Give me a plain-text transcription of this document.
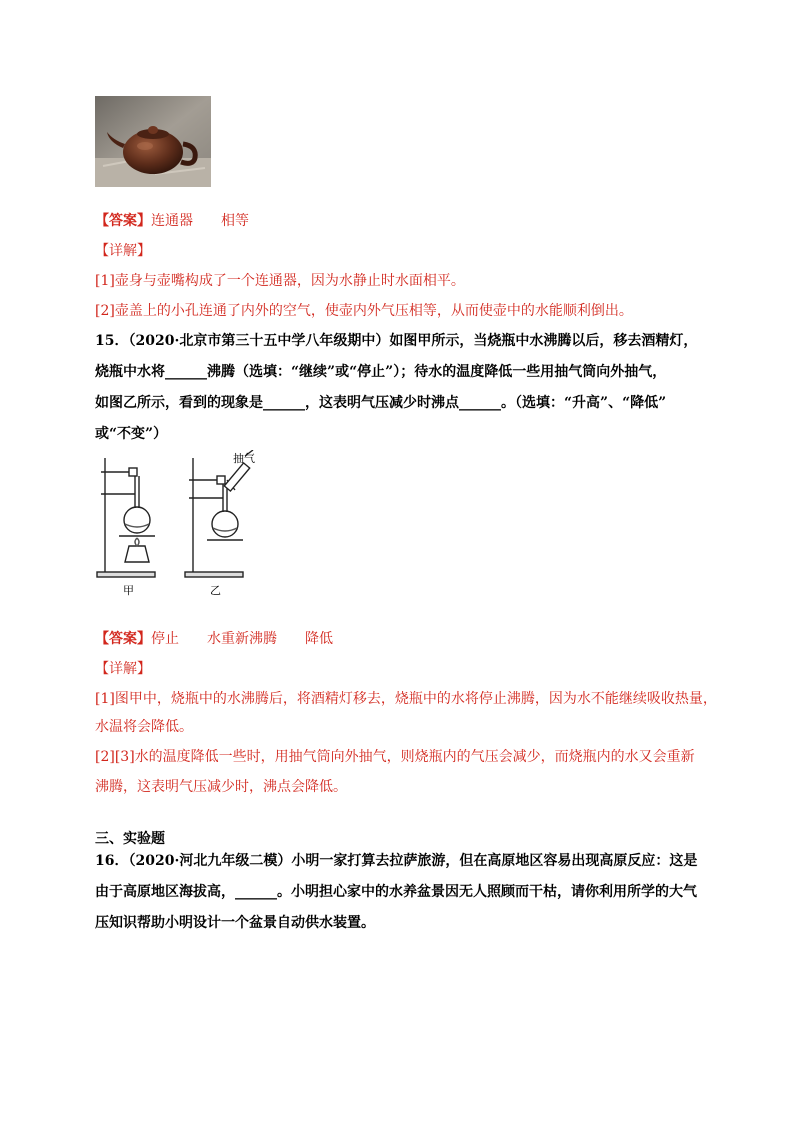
【答案】连通器 相等
【详解】
[1]壶身与壶嘴构成了一个连通器，因为水静止时水面相平。
[2]壶盖上的小孔连通了内外的空气，使壶内外气压相等，从而使壶中的水能顺利倒出。
15．（2020·北京市第三十五中学八年级期中）如图甲所示，当烧瓶中水沸腾以后，移去酒精灯，
烧瓶中水将______沸腾（选填：“继续”或“停止”）；待水的温度降低一些用抽气筒向外抽气，
如图乙所示，看到的现象是______，这表明气压减少时沸点______。（选填：“升高”、“降低”
或“不变”）
抽气
甲	乙
【答案】停止 水重新沸腾 降低
【详解】
[1]图甲中，烧瓶中的水沸腾后，将酒精灯移去，烧瓶中的水将停止沸腾，因为水不能继续吸收热量，
水温将会降低。
[2][3]水的温度降低一些时，用抽气筒向外抽气，则烧瓶内的气压会减少，而烧瓶内的水又会重新
沸腾，这表明气压减少时，沸点会降低。
三、实验题
16．（2020·河北九年级二模）小明一家打算去拉萨旅游，但在高原地区容易出现高原反应：这是
由于高原地区海拔高，______。小明担心家中的水养盆景因无人照顾而干枯，请你利用所学的大气
压知识帮助小明设计一个盆景自动供水装置。
